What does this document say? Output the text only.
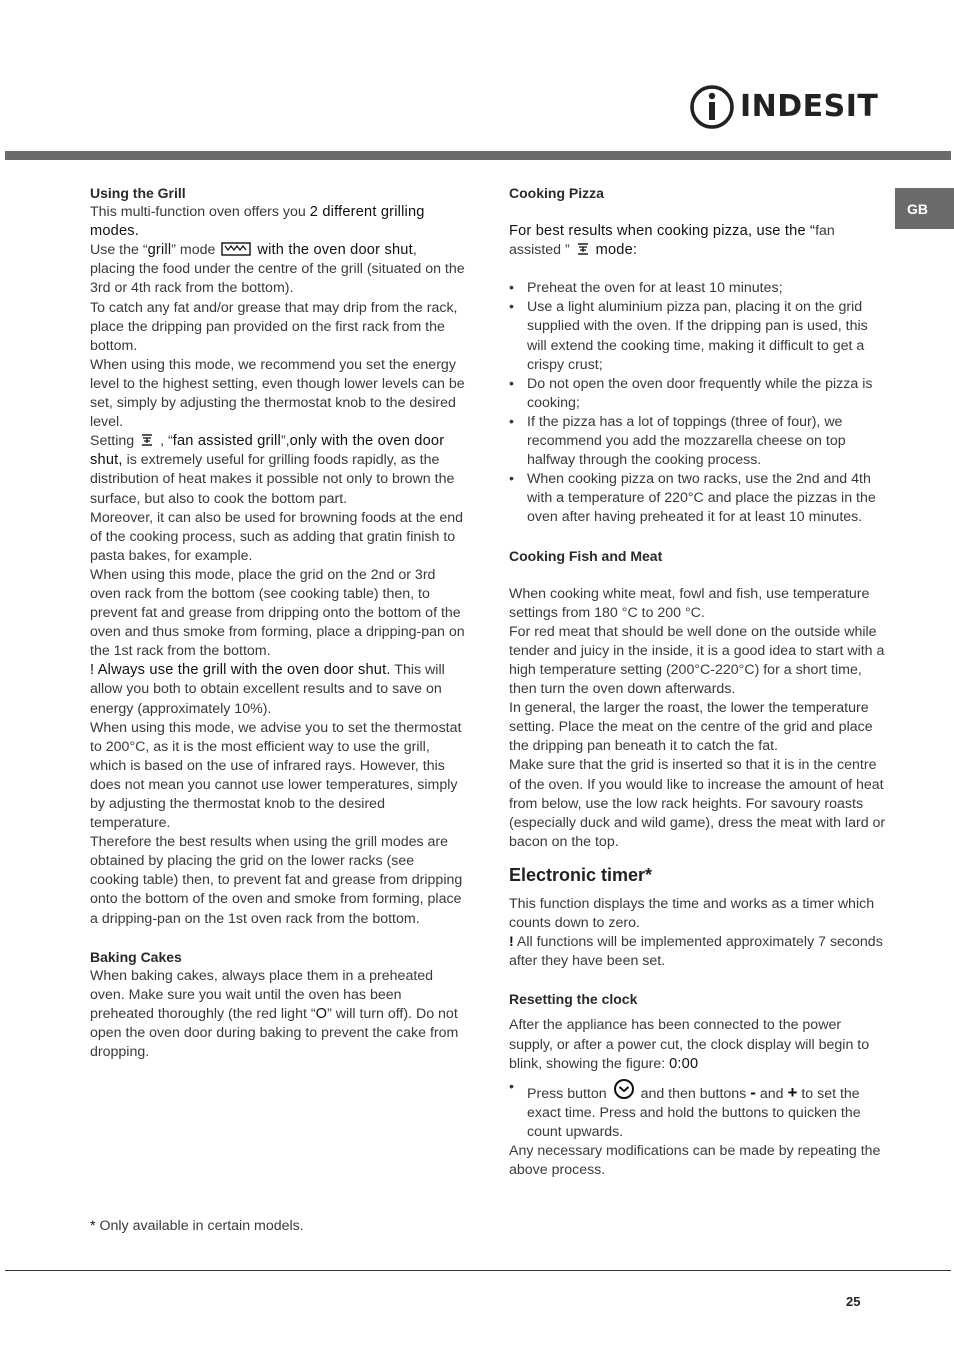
INDESIT
GB

Using the Grill

This multi-function oven offers you 2 different grilling modes.

Use the “grill” mode	with the oven door shut, placing the food under the centre of the grill (situated on the 3rd or 4th rack from the bottom).

To catch any fat and/or grease that may drip from the rack, place the dripping pan provided on the first rack from the bottom.

When using this mode, we recommend you set the energy level to the highest setting, even though lower levels can be set, simply by adjusting the thermostat knob to the desired level.

Setting , “fan assisted grill”,only with the oven door shut, is extremely useful for grilling foods rapidly, as the distribution of heat makes it possible not only to brown the surface, but also to cook the bottom part.

Moreover, it can also be used for browning foods at the end of the cooking process, such as adding that gratin finish to pasta bakes, for example.

When using this mode, place the grid on the 2nd or 3rd oven rack from the bottom (see cooking table) then, to prevent fat and grease from dripping onto the bottom of the oven and thus smoke from forming, place a dripping-pan on the 1st rack from the bottom.

! Always use the grill with the oven door shut. This will allow you both to obtain excellent results and to save on energy (approximately 10%).

When using this mode, we advise you to set the thermostat to 200°C, as it is the most efficient way to use the grill, which is based on the use of infrared rays. However, this does not mean you cannot use lower temperatures, simply by adjusting the thermostat knob to the desired temperature.

Therefore the best results when using the grill modes are obtained by placing the grid on the lower racks (see cooking table) then, to prevent fat and grease from dripping onto the bottom of the oven and smoke from forming, place a dripping-pan on the 1st oven rack from the bottom.

Baking Cakes

When baking cakes, always place them in a preheated oven. Make sure you wait until the oven has been preheated thoroughly (the red light “O” will turn off). Do not open the oven door during baking to prevent the cake from dropping.

* Only available in certain models.

Cooking Pizza

For best results when cooking pizza, use the “fan assisted ”  mode:

• Preheat the oven for at least 10 minutes;
• Use a light aluminium pizza pan, placing it on the grid supplied with the oven. If the dripping pan is used, this will extend the cooking time, making it difficult to get a crispy crust;
• Do not open the oven door frequently while the pizza is cooking;
• If the pizza has a lot of toppings (three of four), we recommend you add the mozzarella cheese on top halfway through the cooking process.
• When cooking pizza on two racks, use the 2nd and 4th with a temperature of 220°C and place the pizzas in the oven after having preheated it for at least 10 minutes.

Cooking Fish and Meat

When cooking white meat, fowl and fish, use temperature settings from 180 °C to 200 °C.

For red meat that should be well done on the outside while tender and juicy in the inside, it is a good idea to start with a high temperature setting (200°C-220°C) for a short time, then turn the oven down afterwards.

In general, the larger the roast, the lower the temperature setting. Place the meat on the centre of the grid and place the dripping pan beneath it to catch the fat.

Make sure that the grid is inserted so that it is in the centre of the oven. If you would like to increase the amount of heat from below, use the low rack heights. For savoury roasts (especially duck and wild game), dress the meat with lard or bacon on the top.

Electronic timer*

This function displays the time and works as a timer which counts down to zero.

! All functions will be implemented approximately 7 seconds after they have been set.

Resetting the clock

After the appliance has been connected to the power supply, or after a power cut, the clock display will begin to blink, showing the figure: 0:00

• Press button  and then buttons - and + to set the exact time. Press and hold the buttons to quicken the count upwards.

Any necessary modifications can be made by repeating the above process.

25
